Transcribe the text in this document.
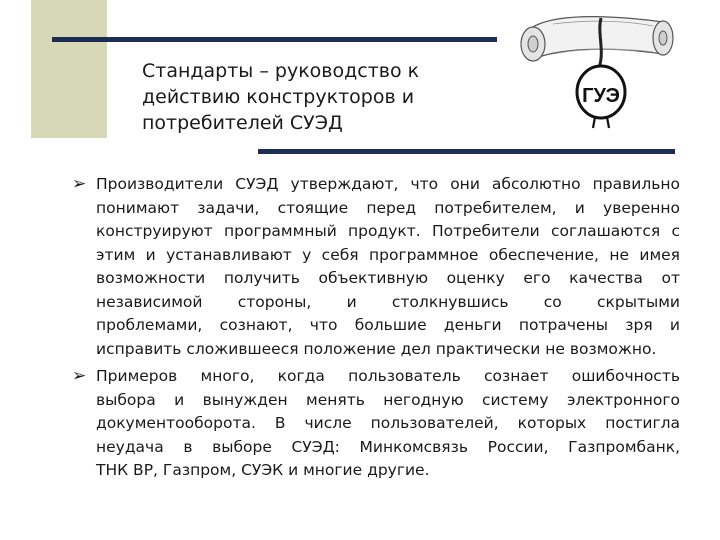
Стандарты – руководство к
действию конструкторов и
потребителей СУЭД
ГУЭ
➢ Производители СУЭД утверждают, что они абсолютно правильно
понимают задачи, стоящие перед потребителем, и уверенно
конструируют программный продукт. Потребители соглашаются с
этим и устанавливают у себя программное обеспечение, не имея
возможности получить объективную оценку его качества от
независимой стороны, и столкнувшись со скрытыми
проблемами, сознают, что большие деньги потрачены зря и
исправить сложившееся положение дел практически не возможно.
➢ Примеров много, когда пользователь сознает ошибочность
выбора и вынужден менять негодную систему электронного
документооборота. В числе пользователей, которых постигла
неудача в выборе СУЭД: Минкомсвязь России, Газпромбанк,
ТНК ВР, Газпром, СУЭК и многие другие.
